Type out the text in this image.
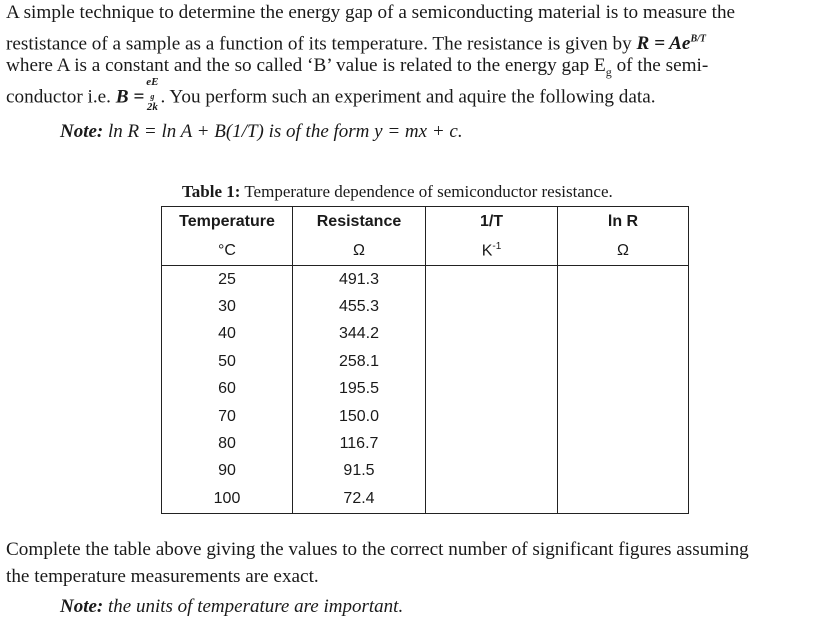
A simple technique to determine the energy gap of a semiconducting material is to measure the
restistance of a sample as a function of its temperature. The resistance is given by $R = Ae^{B/T}$
where A is a constant and the so called ‘B’ value is related to the energy gap $E_g$ of the semi-
conductor i.e. B =
eE
$_g$
2k . You perform such an experiment and aquire the following data.
Note: ln R = ln A + B(1/T) is of the form y = mx + c.
Table 1: Temperature dependence of semiconductor resistance.
Temperature	Resistance	1/T	ln R
°C	Ω	$K^{-1}$	Ω
25	491.3		
30	455.3		
40	344.2		
50	258.1		
60	195.5		
70	150.0		
80	116.7		
90	91.5		
100	72.4		
Complete the table above giving the values to the correct number of significant figures assuming
the temperature measurements are exact.
Note: the units of temperature are important.
